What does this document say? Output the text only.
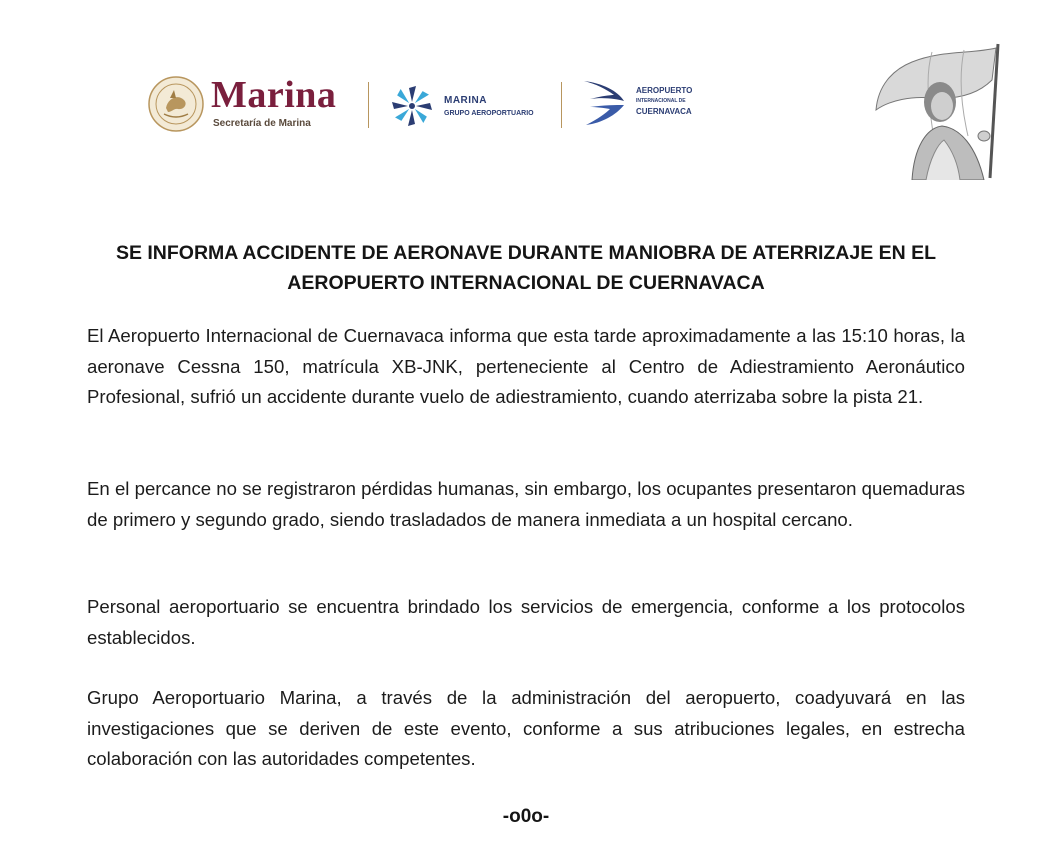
Marina
Secretaría de Marina
MARINA
GRUPO AEROPORTUARIO
AEROPUERTO
INTERNACIONAL DE
CUERNAVACA
SE INFORMA ACCIDENTE DE AERONAVE DURANTE MANIOBRA DE ATERRIZAJE EN EL
AEROPUERTO INTERNACIONAL DE CUERNAVACA
El Aeropuerto Internacional de Cuernavaca informa que esta tarde aproximadamente a las 15:10 horas, la aeronave Cessna 150, matrícula XB-JNK, perteneciente al Centro de Adiestramiento Aeronáutico Profesional, sufrió un accidente durante vuelo de adiestramiento, cuando aterrizaba sobre la pista 21.
En el percance no se registraron pérdidas humanas, sin embargo, los ocupantes presentaron quemaduras de primero y segundo grado, siendo trasladados de manera inmediata a un hospital cercano.
Personal aeroportuario se encuentra brindado los servicios de emergencia, conforme a los protocolos establecidos.
Grupo Aeroportuario Marina, a través de la administración del aeropuerto, coadyuvará en las investigaciones que se deriven de este evento, conforme a sus atribuciones legales, en estrecha colaboración con las autoridades competentes.
-o0o-
